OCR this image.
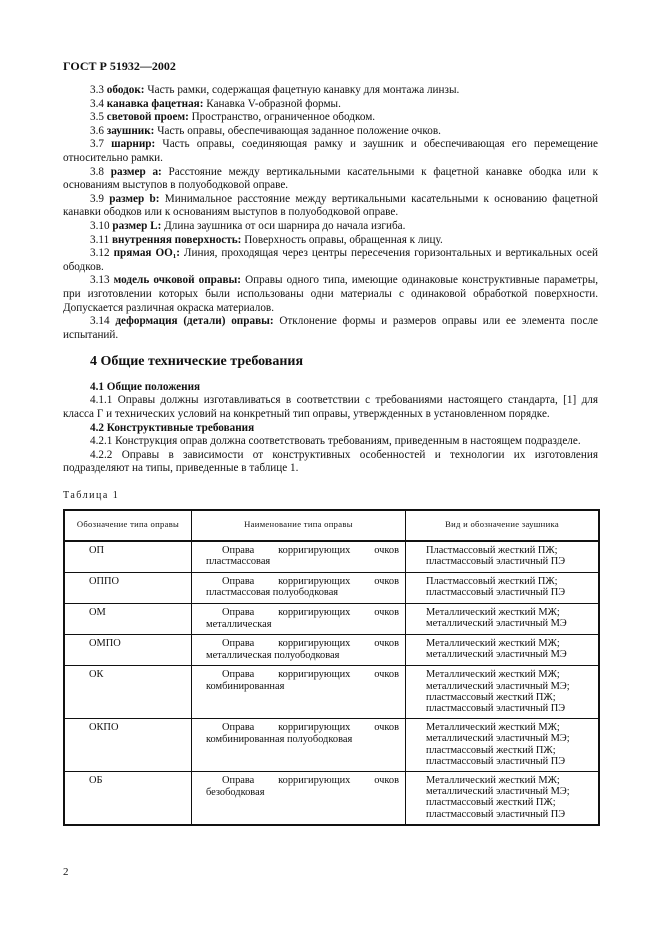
ГОСТ Р 51932—2002

3.3 ободок: Часть рамки, содержащая фацетную канавку для монтажа линзы.

3.4 канавка фацетная: Канавка V-образной формы.

3.5 световой проем: Пространство, ограниченное ободком.

3.6 заушник: Часть оправы, обеспечивающая заданное положение очков.

3.7 шарнир: Часть оправы, соединяющая рамку и заушник и обеспечивающая его перемещение относительно рамки.

3.8 размер a: Расстояние между вертикальными касательными к фацетной канавке ободка или к основаниям выступов в полуободковой оправе.

3.9 размер b: Минимальное расстояние между вертикальными касательными к основанию фацетной канавки ободков или к основаниям выступов в полуободковой оправе.

3.10 размер L: Длина заушника от оси шарнира до начала изгиба.

3.11 внутренняя поверхность: Поверхность оправы, обращенная к лицу.

3.12 прямая OO₁: Линия, проходящая через центры пересечения горизонтальных и вертикальных осей ободков.

3.13 модель очковой оправы: Оправы одного типа, имеющие одинаковые конструктивные параметры, при изготовлении которых были использованы одни материалы с одинаковой обработкой поверхности. Допускается различная окраска материалов.

3.14 деформация (детали) оправы: Отклонение формы и размеров оправы или ее элемента после испытаний.

4 Общие технические требования

4.1 Общие положения

4.1.1 Оправы должны изготавливаться в соответствии с требованиями настоящего стандарта, [1] для класса Г и технических условий на конкретный тип оправы, утвержденных в установленном порядке.

4.2 Конструктивные требования

4.2.1 Конструкция оправ должна соответствовать требованиям, приведенным в настоящем подразделе.

4.2.2 Оправы в зависимости от конструктивных особенностей и технологии их изготовления подразделяют на типы, приведенные в таблице 1.

Таблица 1
Обозначение типа оправы	Наименование типа оправы	Вид и обозначение заушника
ОП	Оправа корригирующих очков пластмассовая	Пластмассовый жесткий ПЖ;
пластмассовый эластичный ПЭ

ОППО	Оправа корригирующих очков пластмассовая полуободковая	Пластмассовый жесткий ПЖ;
пластмассовый эластичный ПЭ

ОМ	Оправа корригирующих очков металлическая	Металлический жесткий МЖ;
металлический эластичный МЭ

ОМПО	Оправа корригирующих очков металлическая полуободковая	Металлический жесткий МЖ;
металлический эластичный МЭ

ОК	Оправа корригирующих очков комбинированная	Металлический жесткий МЖ;
металлический эластичный МЭ;
пластмассовый жесткий ПЖ;
пластмассовый эластичный ПЭ

ОКПО	Оправа корригирующих очков комбинированная полуободковая	Металлический жесткий МЖ;
металлический эластичный МЭ;
пластмассовый жесткий ПЖ;
пластмассовый эластичный ПЭ

ОБ	Оправа корригирующих очков безободковая	Металлический жесткий МЖ;
металлический эластичный МЭ;
пластмассовый жесткий ПЖ;
пластмассовый эластичный ПЭ
2
